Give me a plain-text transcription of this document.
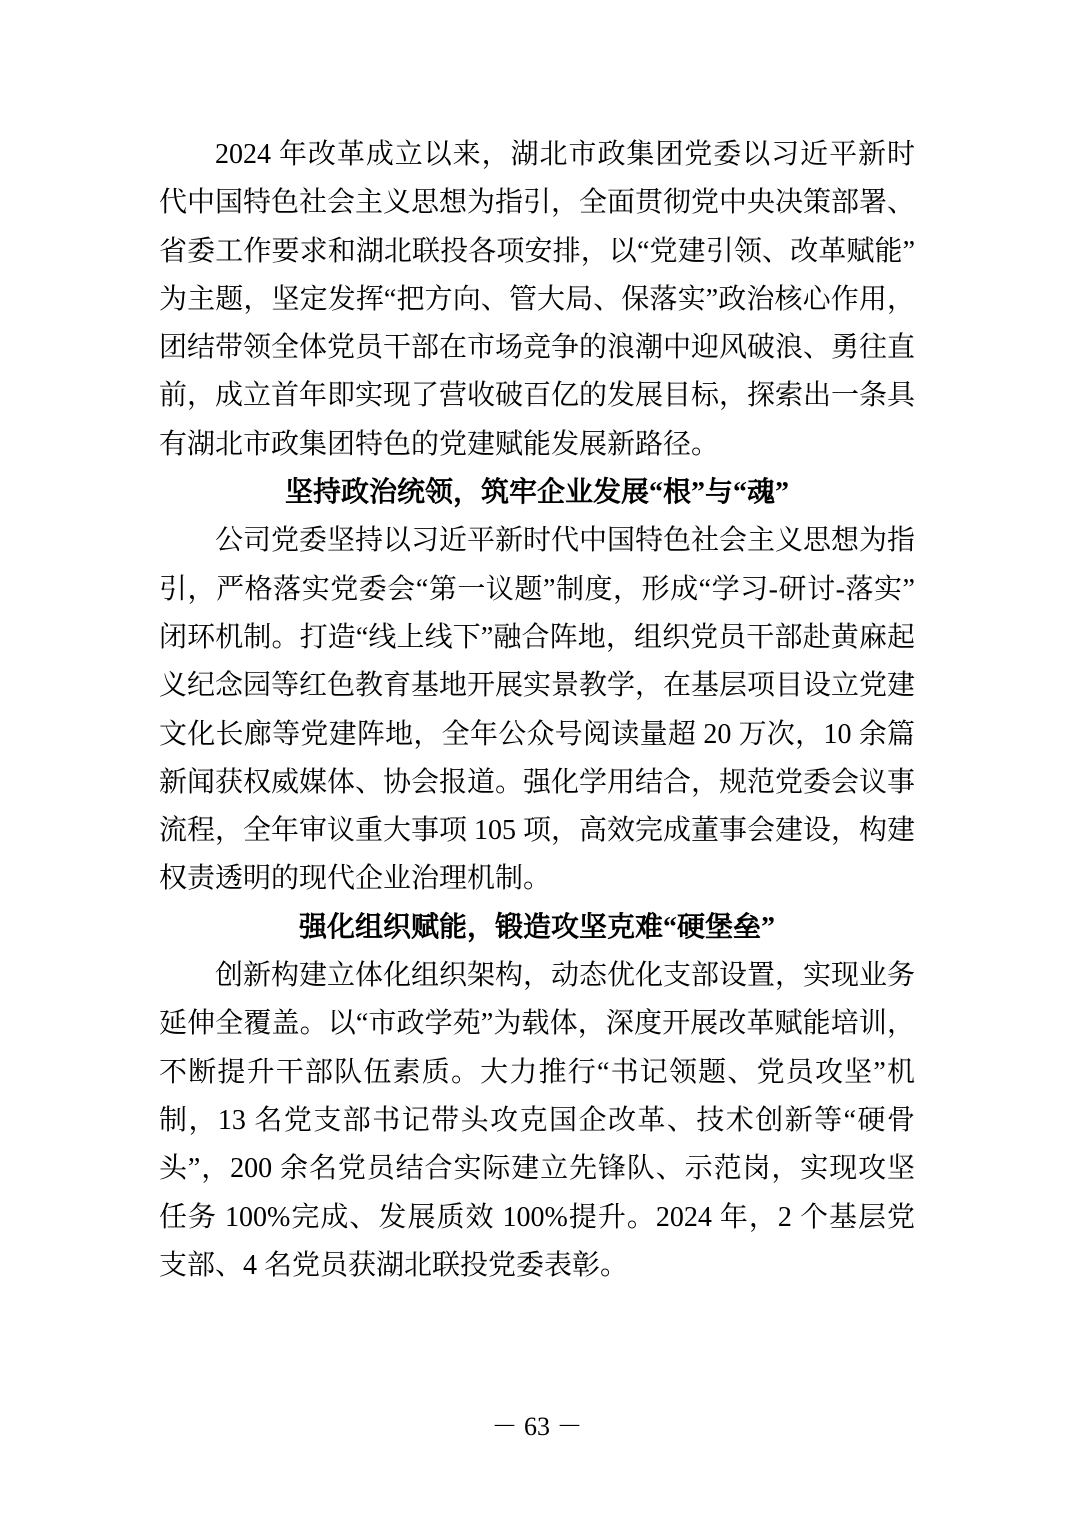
2024 年改革成立以来，湖北市政集团党委以习近平新时代中国特色社会主义思想为指引，全面贯彻党中央决策部署、省委工作要求和湖北联投各项安排，以“党建引领、改革赋能”为主题，坚定发挥“把方向、管大局、保落实”政治核心作用，团结带领全体党员干部在市场竞争的浪潮中迎风破浪、勇往直前，成立首年即实现了营收破百亿的发展目标，探索出一条具有湖北市政集团特色的党建赋能发展新路径。

坚持政治统领，筑牢企业发展“根”与“魂”

公司党委坚持以习近平新时代中国特色社会主义思想为指引，严格落实党委会“第一议题”制度，形成“学习-研讨-落实”闭环机制。打造“线上线下”融合阵地，组织党员干部赴黄麻起义纪念园等红色教育基地开展实景教学，在基层项目设立党建文化长廊等党建阵地，全年公众号阅读量超 20 万次，10 余篇新闻获权威媒体、协会报道。强化学用结合，规范党委会议事流程，全年审议重大事项 105 项，高效完成董事会建设，构建权责透明的现代企业治理机制。

强化组织赋能，锻造攻坚克难“硬堡垒”

创新构建立体化组织架构，动态优化支部设置，实现业务延伸全覆盖。以“市政学苑”为载体，深度开展改革赋能培训，不断提升干部队伍素质。大力推行“书记领题、党员攻坚”机制，13 名党支部书记带头攻克国企改革、技术创新等“硬骨头”，200 余名党员结合实际建立先锋队、示范岗，实现攻坚任务 100%完成、发展质效 100%提升。2024 年，2 个基层党支部、4 名党员获湖北联投党委表彰。

－ 63 －
